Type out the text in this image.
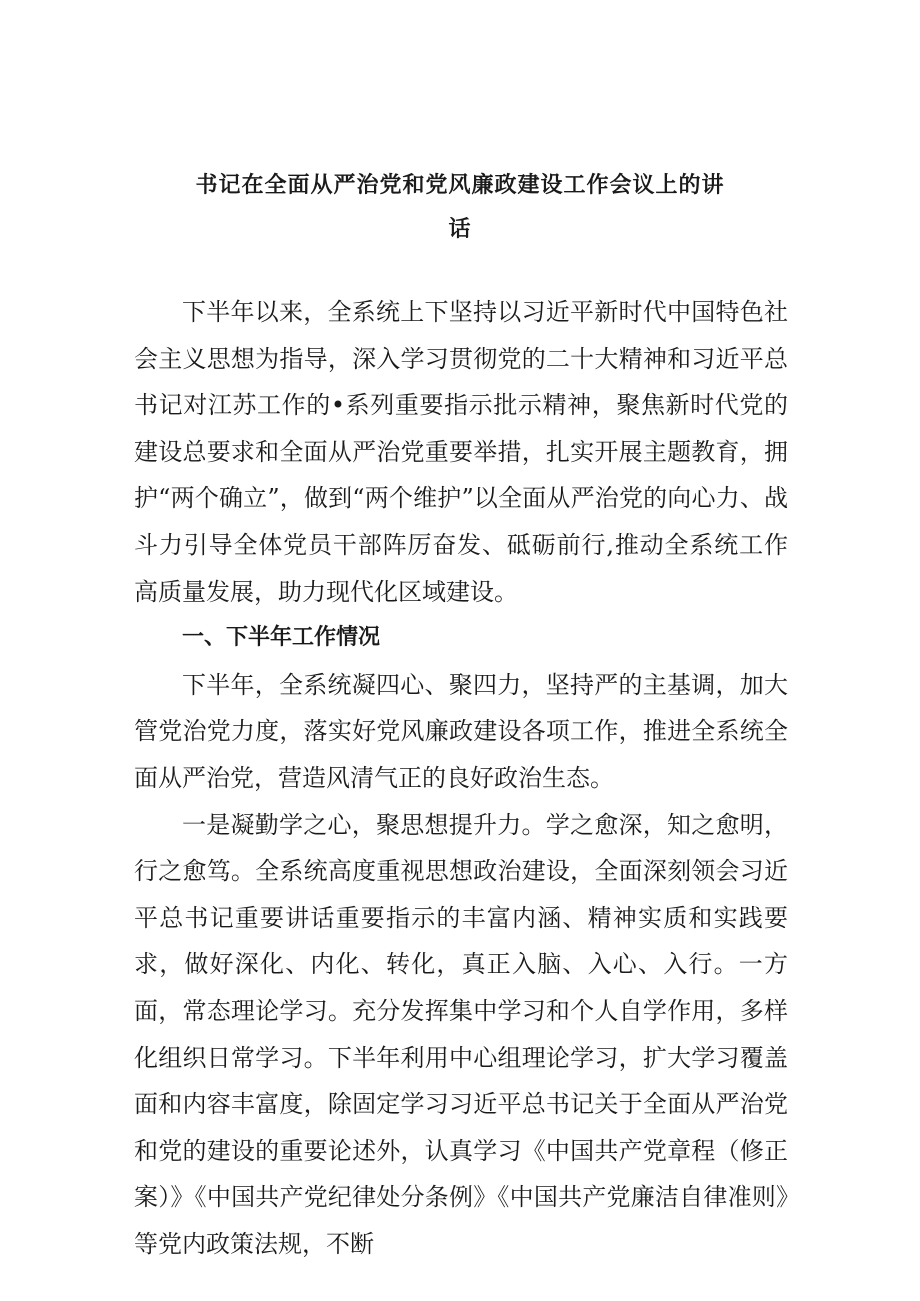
书记在全面从严治党和党风廉政建设工作会议上的讲
话

下半年以来，全系统上下坚持以习近平新时代中国特色社会主义思想为指导，深入学习贯彻党的二十大精神和习近平总书记对江苏工作的•系列重要指示批示精神，聚焦新时代党的建设总要求和全面从严治党重要举措，扎实开展主题教育，拥护“两个确立”，做到“两个维护”以全面从严治党的向心力、战斗力引导全体党员干部阵厉奋发、砥砺前行,推动全系统工作高质量发展，助力现代化区域建设。

一、下半年工作情况

下半年，全系统凝四心、聚四力，坚持严的主基调，加大管党治党力度，落实好党风廉政建设各项工作，推进全系统全面从严治党，营造风清气正的良好政治生态。

一是凝勤学之心，聚思想提升力。学之愈深，知之愈明，行之愈笃。全系统高度重视思想政治建设，全面深刻领会习近平总书记重要讲话重要指示的丰富内涵、精神实质和实践要求，做好深化、内化、转化，真正入脑、入心、入行。一方面，常态理论学习。充分发挥集中学习和个人自学作用，多样化组织日常学习。下半年利用中心组理论学习，扩大学习覆盖面和内容丰富度，除固定学习习近平总书记关于全面从严治党和党的建设的重要论述外，认真学习《中国共产党章程（修正案）》《中国共产党纪律处分条例》《中国共产党廉洁自律准则》等党内政策法规，不断
